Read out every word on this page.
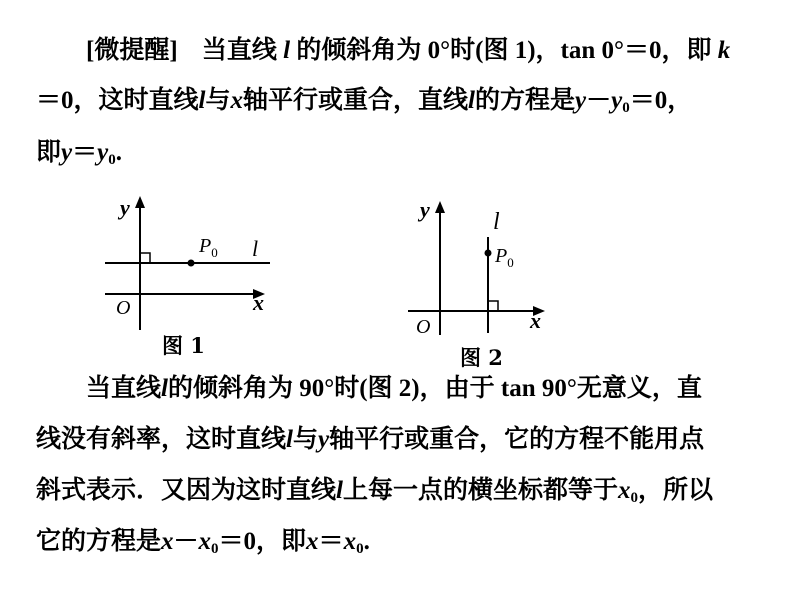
[微提醒] 当直线 l 的倾斜角为 0°时(图 1)，tan 0°＝0，即 k
＝0，这时直线l与x轴平行或重合，直线l的方程是$y-y_0=0$，
即$y=y_0$.
y
x
O
$P_0$ l
图 1
y
x
O
$P_0$
l
图 2
当直线l的倾斜角为 90°时(图 2)，由于 tan 90°无意义，直
线没有斜率，这时直线l与y轴平行或重合，它的方程不能用点
斜式表示．又因为这时直线l上每一点的横坐标都等于$x_0$，所以
它的方程是$x-x_0=0$，即$x=x_0$.
